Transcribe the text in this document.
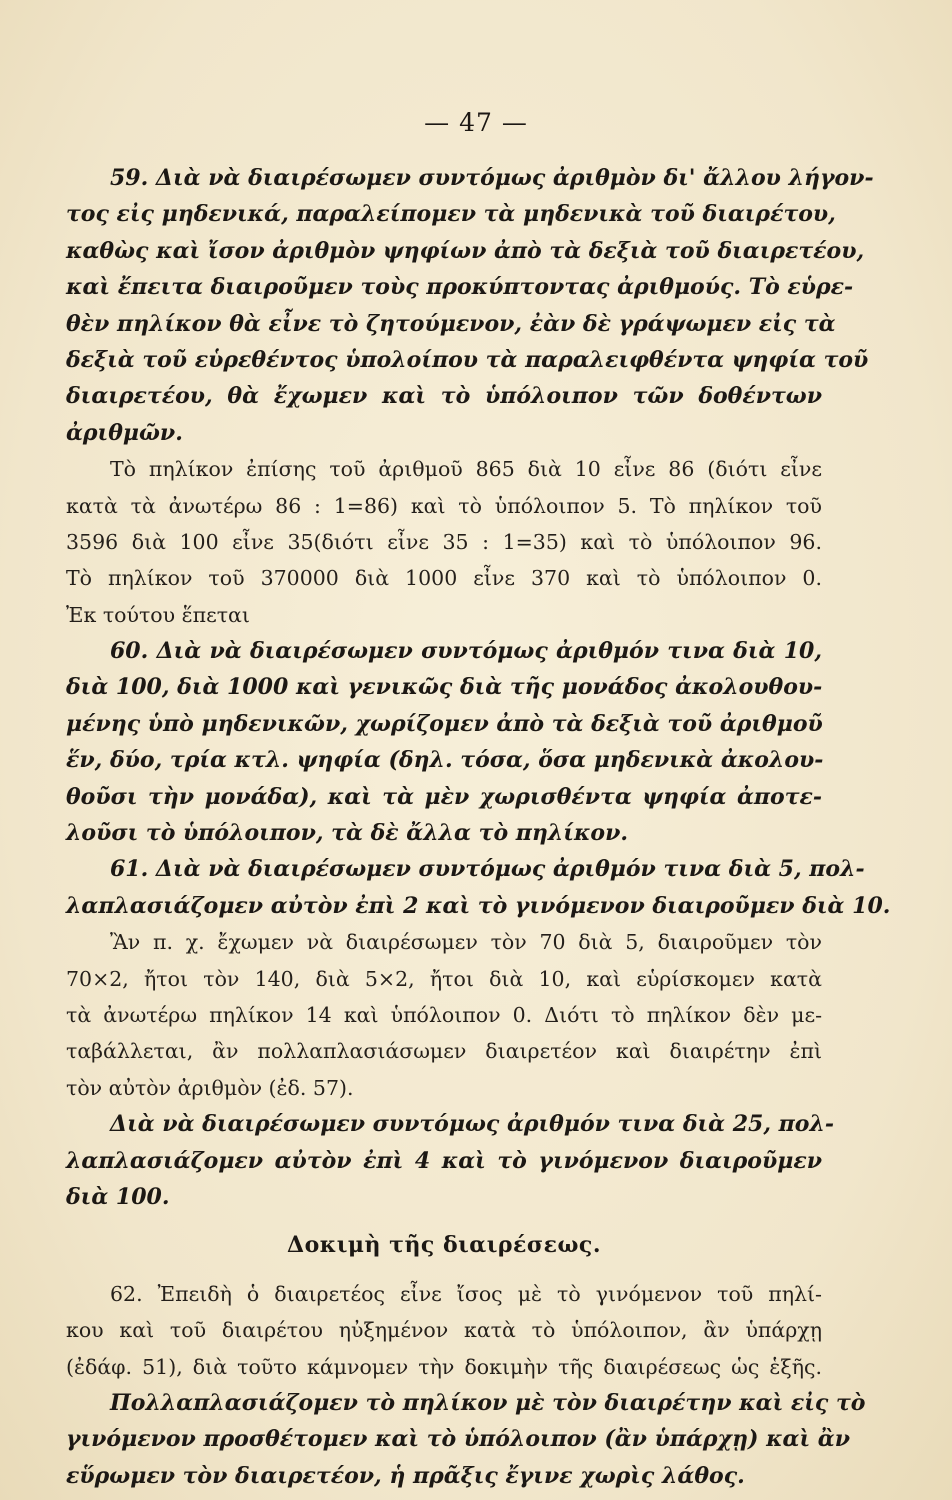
— 47 —
59. Διὰ νὰ διαιρέσωμεν συντόμως ἀριθμὸν δι' ἄλλου λήγον-
τος εἰς μηδενικά, παραλείπομεν τὰ μηδενικὰ τοῦ διαιρέτου,
καθὼς καὶ ἴσον ἀριθμὸν ψηφίων ἀπὸ τὰ δεξιὰ τοῦ διαιρετέου,
καὶ ἔπειτα διαιροῦμεν τοὺς προκύπτοντας ἀριθμούς. Τὸ εὑρε-
θὲν πηλίκον θὰ εἶνε τὸ ζητούμενον, ἐὰν δὲ γράψωμεν εἰς τὰ
δεξιὰ τοῦ εὑρεθέντος ὑπολοίπου τὰ παραλειφθέντα ψηφία τοῦ
διαιρετέου, θὰ ἔχωμεν καὶ τὸ ὑπόλοιπον τῶν δοθέντων
ἀριθμῶν.
Τὸ πηλίκον ἐπίσης τοῦ ἀριθμοῦ 865 διὰ 10 εἶνε 86 (διότι εἶνε
κατὰ τὰ ἀνωτέρω 86 : 1=86) καὶ τὸ ὑπόλοιπον 5. Τὸ πηλίκον τοῦ
3596 διὰ 100 εἶνε 35(διότι εἶνε 35 : 1=35) καὶ τὸ ὑπόλοιπον 96.
Τὸ πηλίκον τοῦ 370000 διὰ 1000 εἶνε 370 καὶ τὸ ὑπόλοιπον 0.
Ἐκ τούτου ἕπεται
60. Διὰ νὰ διαιρέσωμεν συντόμως ἀριθμόν τινα διὰ 10,
διὰ 100, διὰ 1000 καὶ γενικῶς διὰ τῆς μονάδος ἀκολουθου-
μένης ὑπὸ μηδενικῶν, χωρίζομεν ἀπὸ τὰ δεξιὰ τοῦ ἀριθμοῦ
ἕν, δύο, τρία κτλ. ψηφία (δηλ. τόσα, ὅσα μηδενικὰ ἀκολου-
θοῦσι τὴν μονάδα), καὶ τὰ μὲν χωρισθέντα ψηφία ἀποτε-
λοῦσι τὸ ὑπόλοιπον, τὰ δὲ ἄλλα τὸ πηλίκον.
61. Διὰ νὰ διαιρέσωμεν συντόμως ἀριθμόν τινα διὰ 5, πολ-
λαπλασιάζομεν αὐτὸν ἐπὶ 2 καὶ τὸ γινόμενον διαιροῦμεν διὰ 10.
Ἂν π. χ. ἔχωμεν νὰ διαιρέσωμεν τὸν 70 διὰ 5, διαιροῦμεν τὸν
70×2, ἤτοι τὸν 140, διὰ 5×2, ἤτοι διὰ 10, καὶ εὑρίσκομεν κατὰ
τὰ ἀνωτέρω πηλίκον 14 καὶ ὑπόλοιπον 0. Διότι τὸ πηλίκον δὲν με-
ταβάλλεται, ἂν πολλαπλασιάσωμεν διαιρετέον καὶ διαιρέτην ἐπὶ
τὸν αὐτὸν ἀριθμὸν (ἐδ. 57).
Διὰ νὰ διαιρέσωμεν συντόμως ἀριθμόν τινα διὰ 25, πολ-
λαπλασιάζομεν αὐτὸν ἐπὶ 4 καὶ τὸ γινόμενον διαιροῦμεν
διὰ 100.
Δοκιμὴ τῆς διαιρέσεως.
62. Ἐπειδὴ ὁ διαιρετέος εἶνε ἴσος μὲ τὸ γινόμενον τοῦ πηλί-
κου καὶ τοῦ διαιρέτου ηὐξημένον κατὰ τὸ ὑπόλοιπον, ἂν ὑπάρχῃ
(ἐδάφ. 51), διὰ τοῦτο κάμνομεν τὴν δοκιμὴν τῆς διαιρέσεως ὡς ἑξῆς.
Πολλαπλασιάζομεν τὸ πηλίκον μὲ τὸν διαιρέτην καὶ εἰς τὸ
γινόμενον προσθέτομεν καὶ τὸ ὑπόλοιπον (ἂν ὑπάρχῃ) καὶ ἂν
εὕρωμεν τὸν διαιρετέον, ἡ πρᾶξις ἔγινε χωρὶς λάθος.
